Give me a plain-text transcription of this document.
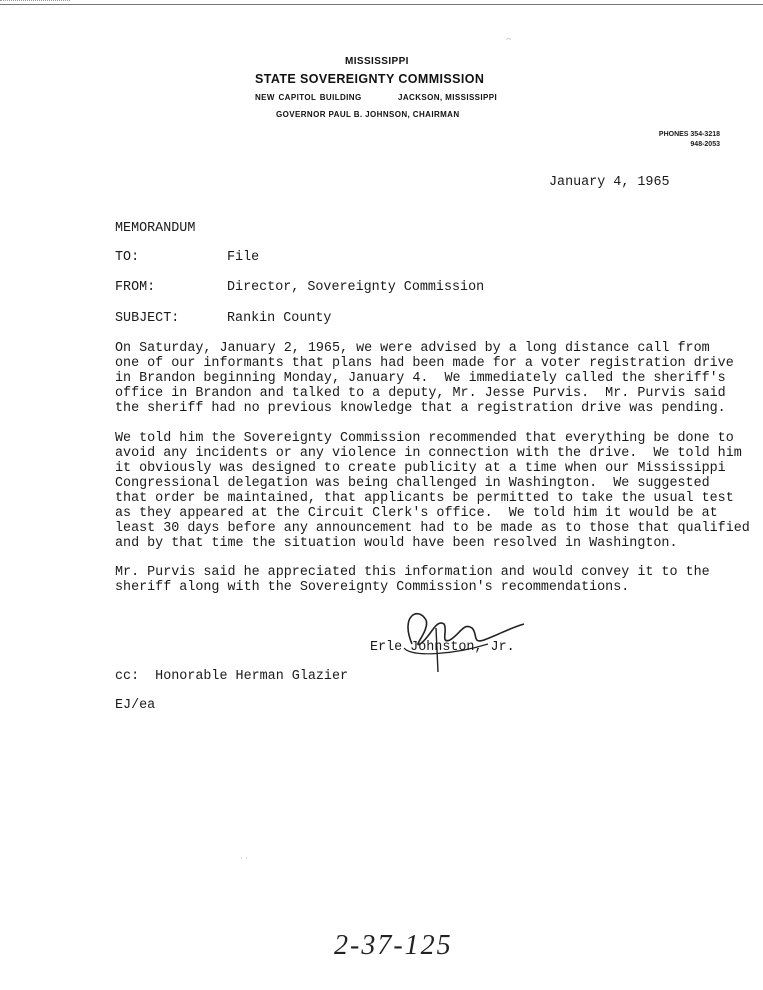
MISSISSIPPI
STATE SOVEREIGNTY COMMISSION
NEW CAPITOL BUILDING	JACKSON, MISSISSIPPI
GOVERNOR PAUL B. JOHNSON, CHAIRMAN
PHONES 354-3218
948-2053
January 4, 1965
MEMORANDUM
TO:	File
FROM:	Director, Sovereignty Commission
SUBJECT:	Rankin County
On Saturday, January 2, 1965, we were advised by a long distance call from
one of our informants that plans had been made for a voter registration drive
in Brandon beginning Monday, January 4.  We immediately called the sheriff's
office in Brandon and talked to a deputy, Mr. Jesse Purvis.  Mr. Purvis said
the sheriff had no previous knowledge that a registration drive was pending.
We told him the Sovereignty Commission recommended that everything be done to
avoid any incidents or any violence in connection with the drive.  We told him
it obviously was designed to create publicity at a time when our Mississippi
Congressional delegation was being challenged in Washington.  We suggested
that order be maintained, that applicants be permitted to take the usual test
as they appeared at the Circuit Clerk's office.  We told him it would be at
least 30 days before any announcement had to be made as to those that qualified
and by that time the situation would have been resolved in Washington.
Mr. Purvis said he appreciated this information and would convey it to the
sheriff along with the Sovereignty Commission's recommendations.
Erle Johnston, Jr.
cc:  Honorable Herman Glazier
EJ/ea
2-37-125
⌢
· ·
